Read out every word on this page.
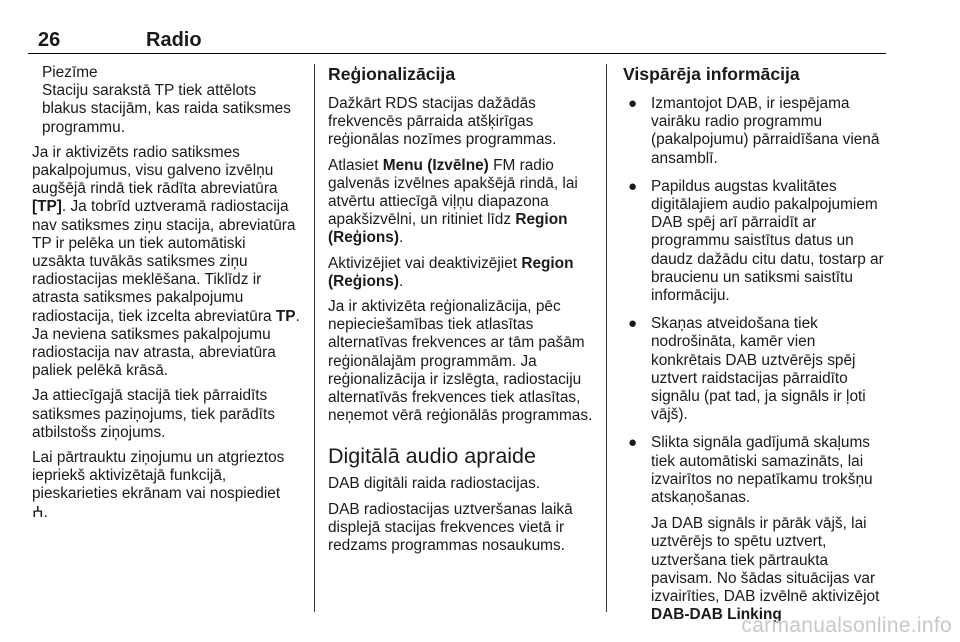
26	Radio
Piezīme
Staciju sarakstā TP tiek attēlots blakus stacijām, kas raida satiksmes programmu.

Ja ir aktivizēts radio satiksmes pakalpojumus, visu galveno izvēlņu augšējā rindā tiek rādīta abreviatūra [TP]. Ja tobrīd uztveramā radiostacija nav satiksmes ziņu stacija, abreviatūra TP ir pelēka un tiek automātiski uzsākta tuvākās satiksmes ziņu radiostacijas meklēšana. Tiklīdz ir atrasta satiksmes pakalpojumu radiostacija, tiek izcelta abreviatūra TP. Ja neviena satiksmes pakalpojumu radiostacija nav atrasta, abreviatūra paliek pelēkā krāsā.

Ja attiecīgajā stacijā tiek pārraidīts satiksmes paziņojums, tiek parādīts atbilstošs ziņojums.

Lai pārtrauktu ziņojumu un atgrieztos iepriekš aktivizētajā funkcijā, pieskarieties ekrānam vai nospiediet
ⵄ.

Reģionalizācija

Dažkārt RDS stacijas dažādās frekvencēs pārraida atšķirīgas reģionālas nozīmes programmas.

Atlasiet Menu (Izvēlne) FM radio galvenās izvēlnes apakšējā rindā, lai atvērtu attiecīgā viļņu diapazona apakšizvēlni, un ritiniet līdz Region (Reģions).

Aktivizējiet vai deaktivizējiet Region (Reģions).

Ja ir aktivizēta reģionalizācija, pēc nepieciešamības tiek atlasītas alternatīvas frekvences ar tām pašām reģionālajām programmām. Ja reģionalizācija ir izslēgta, radiostaciju alternatīvās frekvences tiek atlasītas, neņemot vērā reģionālās programmas.

Digitālā audio apraide

DAB digitāli raida radiostacijas.

DAB radiostacijas uztveršanas laikā displejā stacijas frekvences vietā ir redzams programmas nosaukums.

Vispārēja informācija
● Izmantojot DAB, ir iespējama vairāku radio programmu (pakalpojumu) pārraidīšana vienā ansamblī.

● Papildus augstas kvalitātes digitālajiem audio pakalpojumiem DAB spēj arī pārraidīt ar programmu saistītus datus un daudz dažādu citu datu, tostarp ar braucienu un satiksmi saistītu informāciju.

● Skaņas atveidošana tiek nodrošināta, kamēr vien konkrētais DAB uztvērējs spēj uztvert raidstacijas pārraidīto signālu (pat tad, ja signāls ir ļoti vājš).

● Slikta signāla gadījumā skaļums tiek automātiski samazināts, lai izvairītos no nepatīkamu trokšņu atskaņošanas.

Ja DAB signāls ir pārāk vājš, lai uztvērējs to spētu uztvert, uztveršana tiek pārtraukta pavisam. No šādas situācijas var izvairīties, DAB izvēlnē aktivizējot DAB-DAB Linking

carmanualsonline.info
